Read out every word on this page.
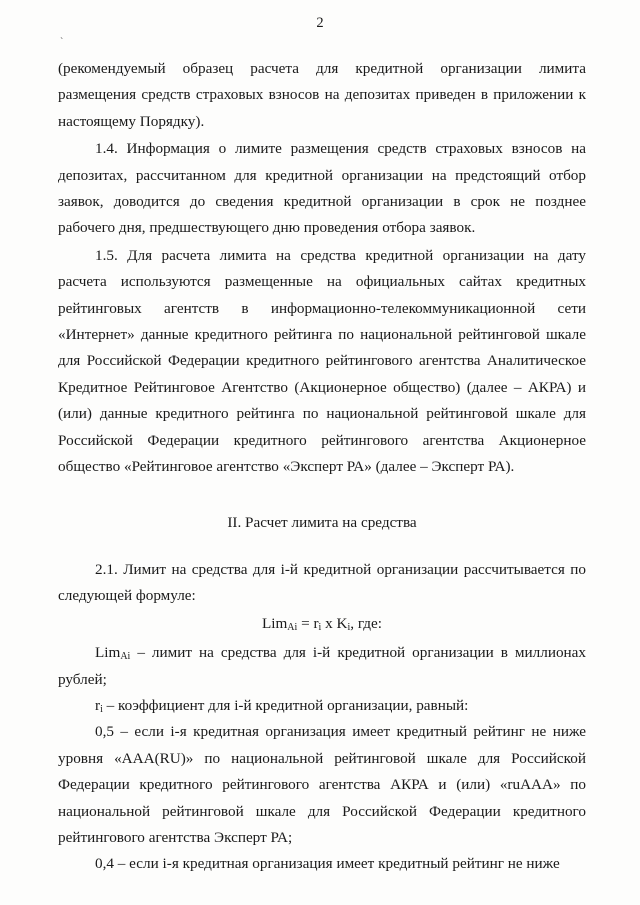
2
`

(рекомендуемый образец расчета для кредитной организации лимита размещения средств страховых взносов на депозитах приведен в приложении к настоящему Порядку).

1.4. Информация о лимите размещения средств страховых взносов на депозитах, рассчитанном для кредитной организации на предстоящий отбор заявок, доводится до сведения кредитной организации в срок не позднее рабочего дня, предшествующего дню проведения отбора заявок.

1.5. Для расчета лимита на средства кредитной организации на дату расчета используются размещенные на официальных сайтах кредитных рейтинговых агентств в информационно-телекоммуникационной сети «Интернет» данные кредитного рейтинга по национальной рейтинговой шкале для Российской Федерации кредитного рейтингового агентства Аналитическое Кредитное Рейтинговое Агентство (Акционерное общество) (далее – АКРА) и (или) данные кредитного рейтинга по национальной рейтинговой шкале для Российской Федерации кредитного рейтингового агентства Акционерное общество «Рейтинговое агентство «Эксперт РА» (далее – Эксперт РА).

II. Расчет лимита на средства

2.1. Лимит на средства для i-й кредитной организации рассчитывается по следующей формуле:

$Lim_{Ai} = r_i$ x $K_i$, где:

Lim$_{Ai}$ – лимит на средства для i-й кредитной организации в миллионах рублей;

$r_i$ – коэффициент для i-й кредитной организации, равный:

0,5 – если i-я кредитная организация имеет кредитный рейтинг не ниже уровня «AAA(RU)» по национальной рейтинговой шкале для Российской Федерации кредитного рейтингового агентства АКРА и (или) «ruAAA» по национальной рейтинговой шкале для Российской Федерации кредитного рейтингового агентства Эксперт РА;

0,4 – если i-я кредитная организация имеет кредитный рейтинг не ниже
